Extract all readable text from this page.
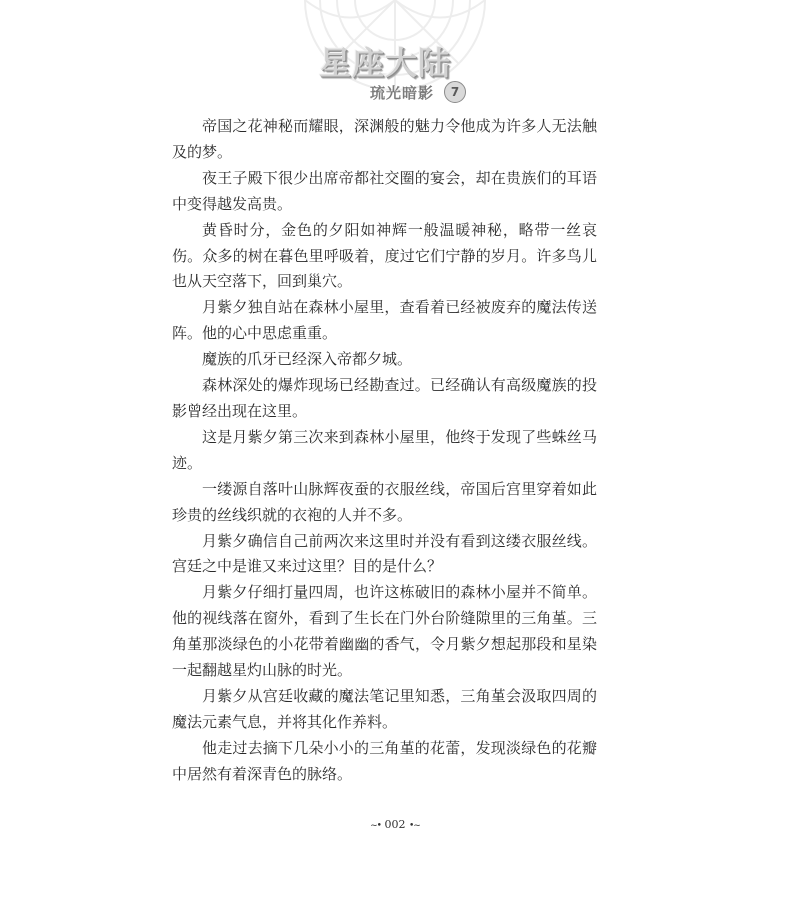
星座大陆
琉光暗影	7

帝国之花神秘而耀眼，深渊般的魅力令他成为许多人无法触及的梦。

夜王子殿下很少出席帝都社交圈的宴会，却在贵族们的耳语中变得越发高贵。

黄昏时分，金色的夕阳如神辉一般温暖神秘，略带一丝哀伤。众多的树在暮色里呼吸着，度过它们宁静的岁月。许多鸟儿也从天空落下，回到巢穴。

月紫夕独自站在森林小屋里，查看着已经被废弃的魔法传送阵。他的心中思虑重重。

魔族的爪牙已经深入帝都夕城。

森林深处的爆炸现场已经勘查过。已经确认有高级魔族的投影曾经出现在这里。

这是月紫夕第三次来到森林小屋里，他终于发现了些蛛丝马迹。

一缕源自落叶山脉辉夜蚕的衣服丝线，帝国后宫里穿着如此珍贵的丝线织就的衣袍的人并不多。

月紫夕确信自己前两次来这里时并没有看到这缕衣服丝线。宫廷之中是谁又来过这里？目的是什么？

月紫夕仔细打量四周，也许这栋破旧的森林小屋并不简单。他的视线落在窗外，看到了生长在门外台阶缝隙里的三角堇。三角堇那淡绿色的小花带着幽幽的香气，令月紫夕想起那段和星染一起翻越星灼山脉的时光。

月紫夕从宫廷收藏的魔法笔记里知悉，三角堇会汲取四周的魔法元素气息，并将其化作养料。

他走过去摘下几朵小小的三角堇的花蕾，发现淡绿色的花瓣中居然有着深青色的脉络。

~• 002 •~
